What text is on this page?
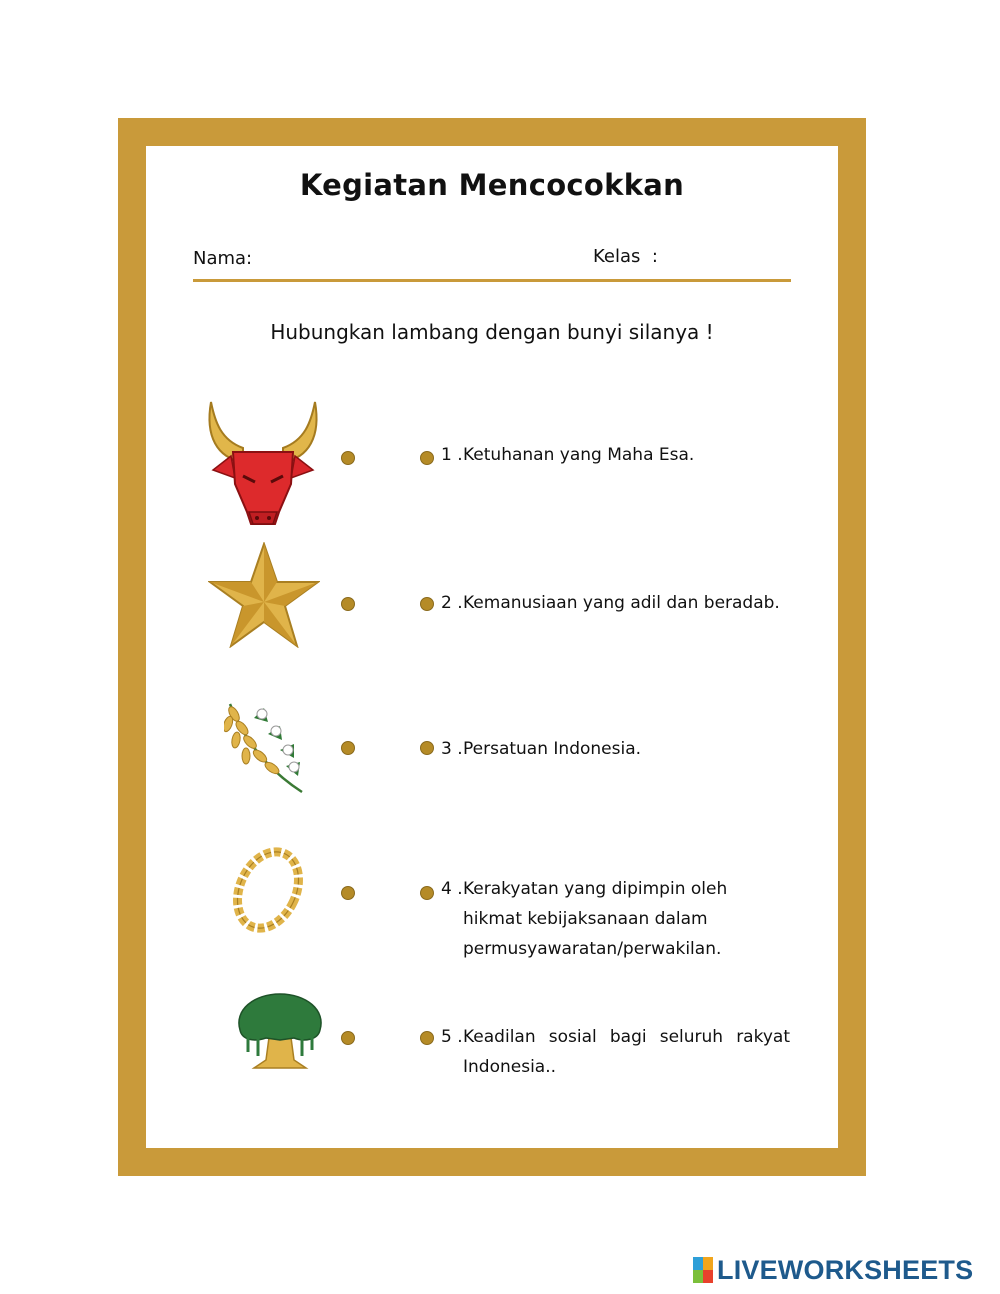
Kegiatan Mencocokkan
Nama:	Kelas  :
Hubungkan lambang dengan bunyi silanya !
1 .Ketuhanan yang Maha Esa.
2 .Kemanusiaan yang adil dan beradab.
3 .Persatuan Indonesia.
4 .Kerakyatan yang dipimpin oleh
hikmat kebijaksanaan dalam
permusyawaratan/perwakilan.
5 . Keadilan sosial bagi seluruh rakyat
Indonesia..
LIVEWORKSHEETS
